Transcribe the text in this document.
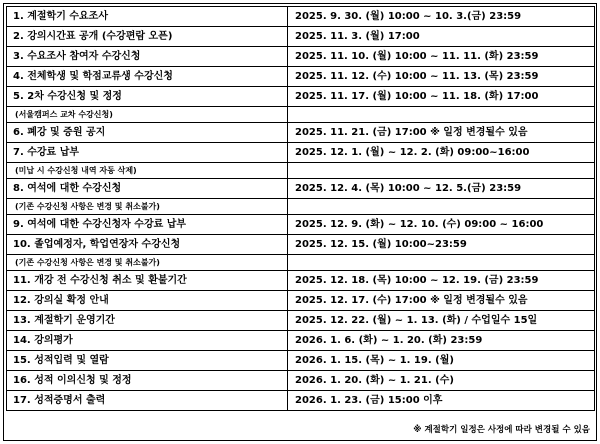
1. 계절학기 수요조사	2025. 9. 30. (월) 10:00 ~ 10. 3.(금) 23:59
2. 강의시간표 공개 (수강편람 오픈)	2025. 11. 3. (월) 17:00
3. 수요조사 참여자 수강신청	2025. 11. 10. (월) 10:00 ~ 11. 11. (화) 23:59
4. 전체학생 및 학점교류생 수강신청	2025. 11. 12. (수) 10:00 ~ 11. 13. (목) 23:59
5. 2차 수강신청 및 정정	2025. 11. 17. (월) 10:00 ~ 11. 18. (화) 17:00
(서울캠퍼스 교차 수강신청)	
6. 폐강 및 증원 공지	2025. 11. 21. (금) 17:00 ※ 일정 변경될수 있음
7. 수강료 납부	2025. 12. 1. (월) ~ 12. 2. (화) 09:00~16:00
(미납 시 수강신청 내역 자동 삭제)	
8. 여석에 대한 수강신청	2025. 12. 4. (목) 10:00 ~ 12. 5.(금) 23:59
(기존 수강신청 사항은 변경 및 취소불가)	
9. 여석에 대한 수강신청자 수강료 납부	2025. 12. 9. (화) ~ 12. 10. (수) 09:00 ~ 16:00
10. 졸업예정자, 학업연장자 수강신청	2025. 12. 15. (월) 10:00~23:59
(기존 수강신청 사항은 변경 및 취소불가)	
11. 개강 전 수강신청 취소 및 환불기간	2025. 12. 18. (목) 10:00 ~ 12. 19. (금) 23:59
12. 강의실 확정 안내	2025. 12. 17. (수) 17:00 ※ 일정 변경될수 있음
13. 계절학기 운영기간	2025. 12. 22. (월) ~ 1. 13. (화) / 수업일수 15일
14. 강의평가	2026. 1. 6. (화) ~ 1. 20. (화) 23:59
15. 성적입력 및 열람	2026. 1. 15. (목) ~ 1. 19. (월)
16. 성적 이의신청 및 정정	2026. 1. 20. (화) ~ 1. 21. (수)
17. 성적증명서 출력	2026. 1. 23. (금) 15:00 이후
※ 계절학기 일정은 사정에 따라 변경될 수 있음
